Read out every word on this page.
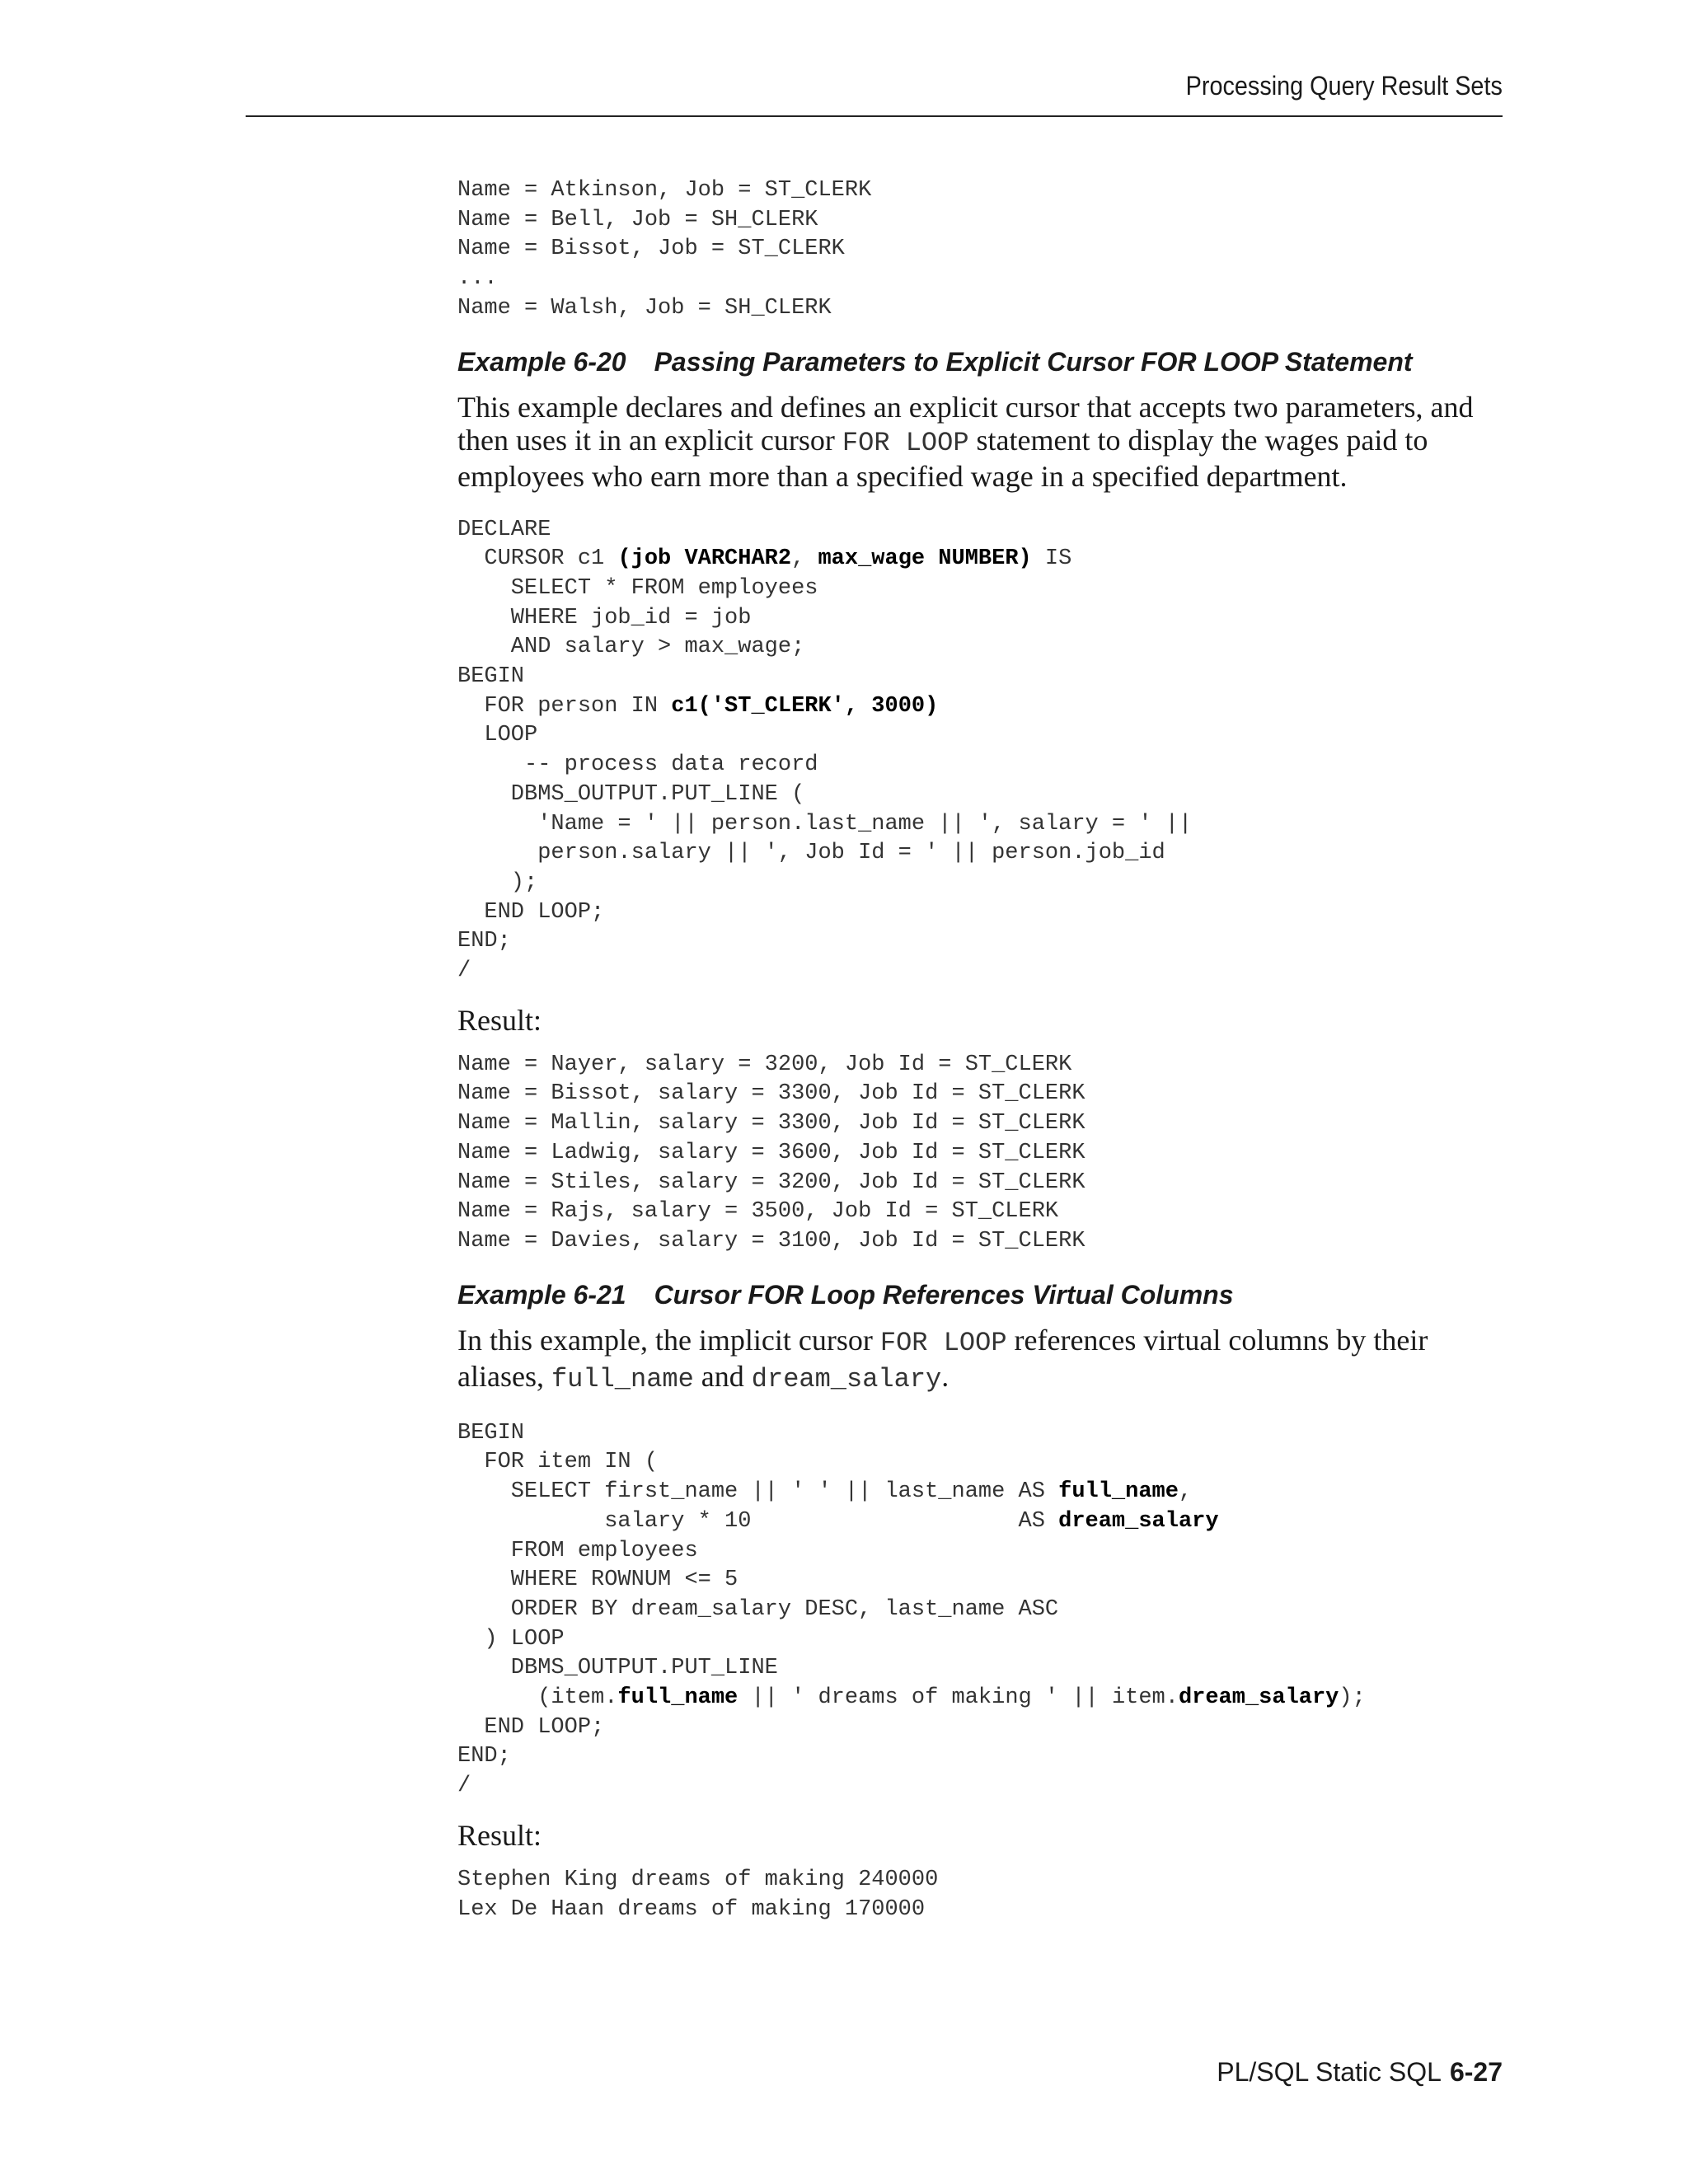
Processing Query Result Sets
Name = Atkinson, Job = ST_CLERK
Name = Bell, Job = SH_CLERK
Name = Bissot, Job = ST_CLERK
...
Name = Walsh, Job = SH_CLERK
Example 6-20 Passing Parameters to Explicit Cursor FOR LOOP Statement

This example declares and defines an explicit cursor that accepts two parameters, and then uses it in an explicit cursor FOR LOOP statement to display the wages paid to employees who earn more than a specified wage in a specified department.

DECLARE
CURSOR c1 (job VARCHAR2, max_wage NUMBER) IS
SELECT * FROM employees
WHERE job_id = job
AND salary > max_wage;
BEGIN
FOR person IN c1('ST_CLERK', 3000)
LOOP
-- process data record
DBMS_OUTPUT.PUT_LINE (
'Name = ' || person.last_name || ', salary = ' ||
person.salary || ', Job Id = ' || person.job_id
);
END LOOP;
END;
/

Result:

Name = Nayer, salary = 3200, Job Id = ST_CLERK
Name = Bissot, salary = 3300, Job Id = ST_CLERK
Name = Mallin, salary = 3300, Job Id = ST_CLERK
Name = Ladwig, salary = 3600, Job Id = ST_CLERK
Name = Stiles, salary = 3200, Job Id = ST_CLERK
Name = Rajs, salary = 3500, Job Id = ST_CLERK
Name = Davies, salary = 3100, Job Id = ST_CLERK
Example 6-21 Cursor FOR Loop References Virtual Columns

In this example, the implicit cursor FOR LOOP references virtual columns by their aliases, full_name and dream_salary.

BEGIN
FOR item IN (
SELECT first_name || ' ' || last_name AS full_name,
salary * 10                    AS dream_salary
FROM employees
WHERE ROWNUM <= 5
ORDER BY dream_salary DESC, last_name ASC
) LOOP
DBMS_OUTPUT.PUT_LINE
(item.full_name || ' dreams of making ' || item.dream_salary);
END LOOP;
END;
/

Result:

Stephen King dreams of making 240000
Lex De Haan dreams of making 170000
PL/SQL Static SQL 6-27
